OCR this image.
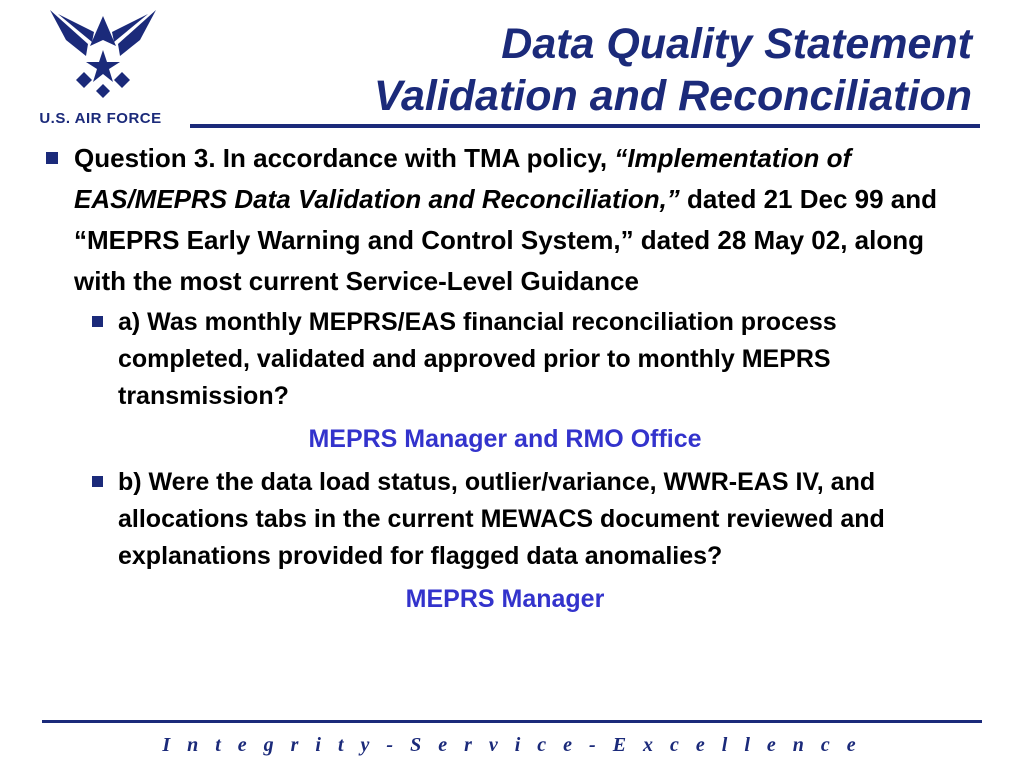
U.S. AIR FORCE
Data Quality Statement
Validation and Reconciliation
Question 3. In accordance with TMA policy, “Implementation of EAS/MEPRS Data Validation and Reconciliation,” dated 21 Dec 99 and “MEPRS Early Warning and Control System,” dated 28 May 02, along with the most current Service-Level Guidance
a) Was monthly MEPRS/EAS financial reconciliation process completed, validated and approved prior to monthly MEPRS transmission?
MEPRS Manager and RMO Office
b) Were the data load status, outlier/variance, WWR-EAS IV, and allocations tabs in the current MEWACS document reviewed and explanations provided for flagged data anomalies?
MEPRS Manager
I n t e g r i t y - S e r v i c e - E x c e l l e n c e
